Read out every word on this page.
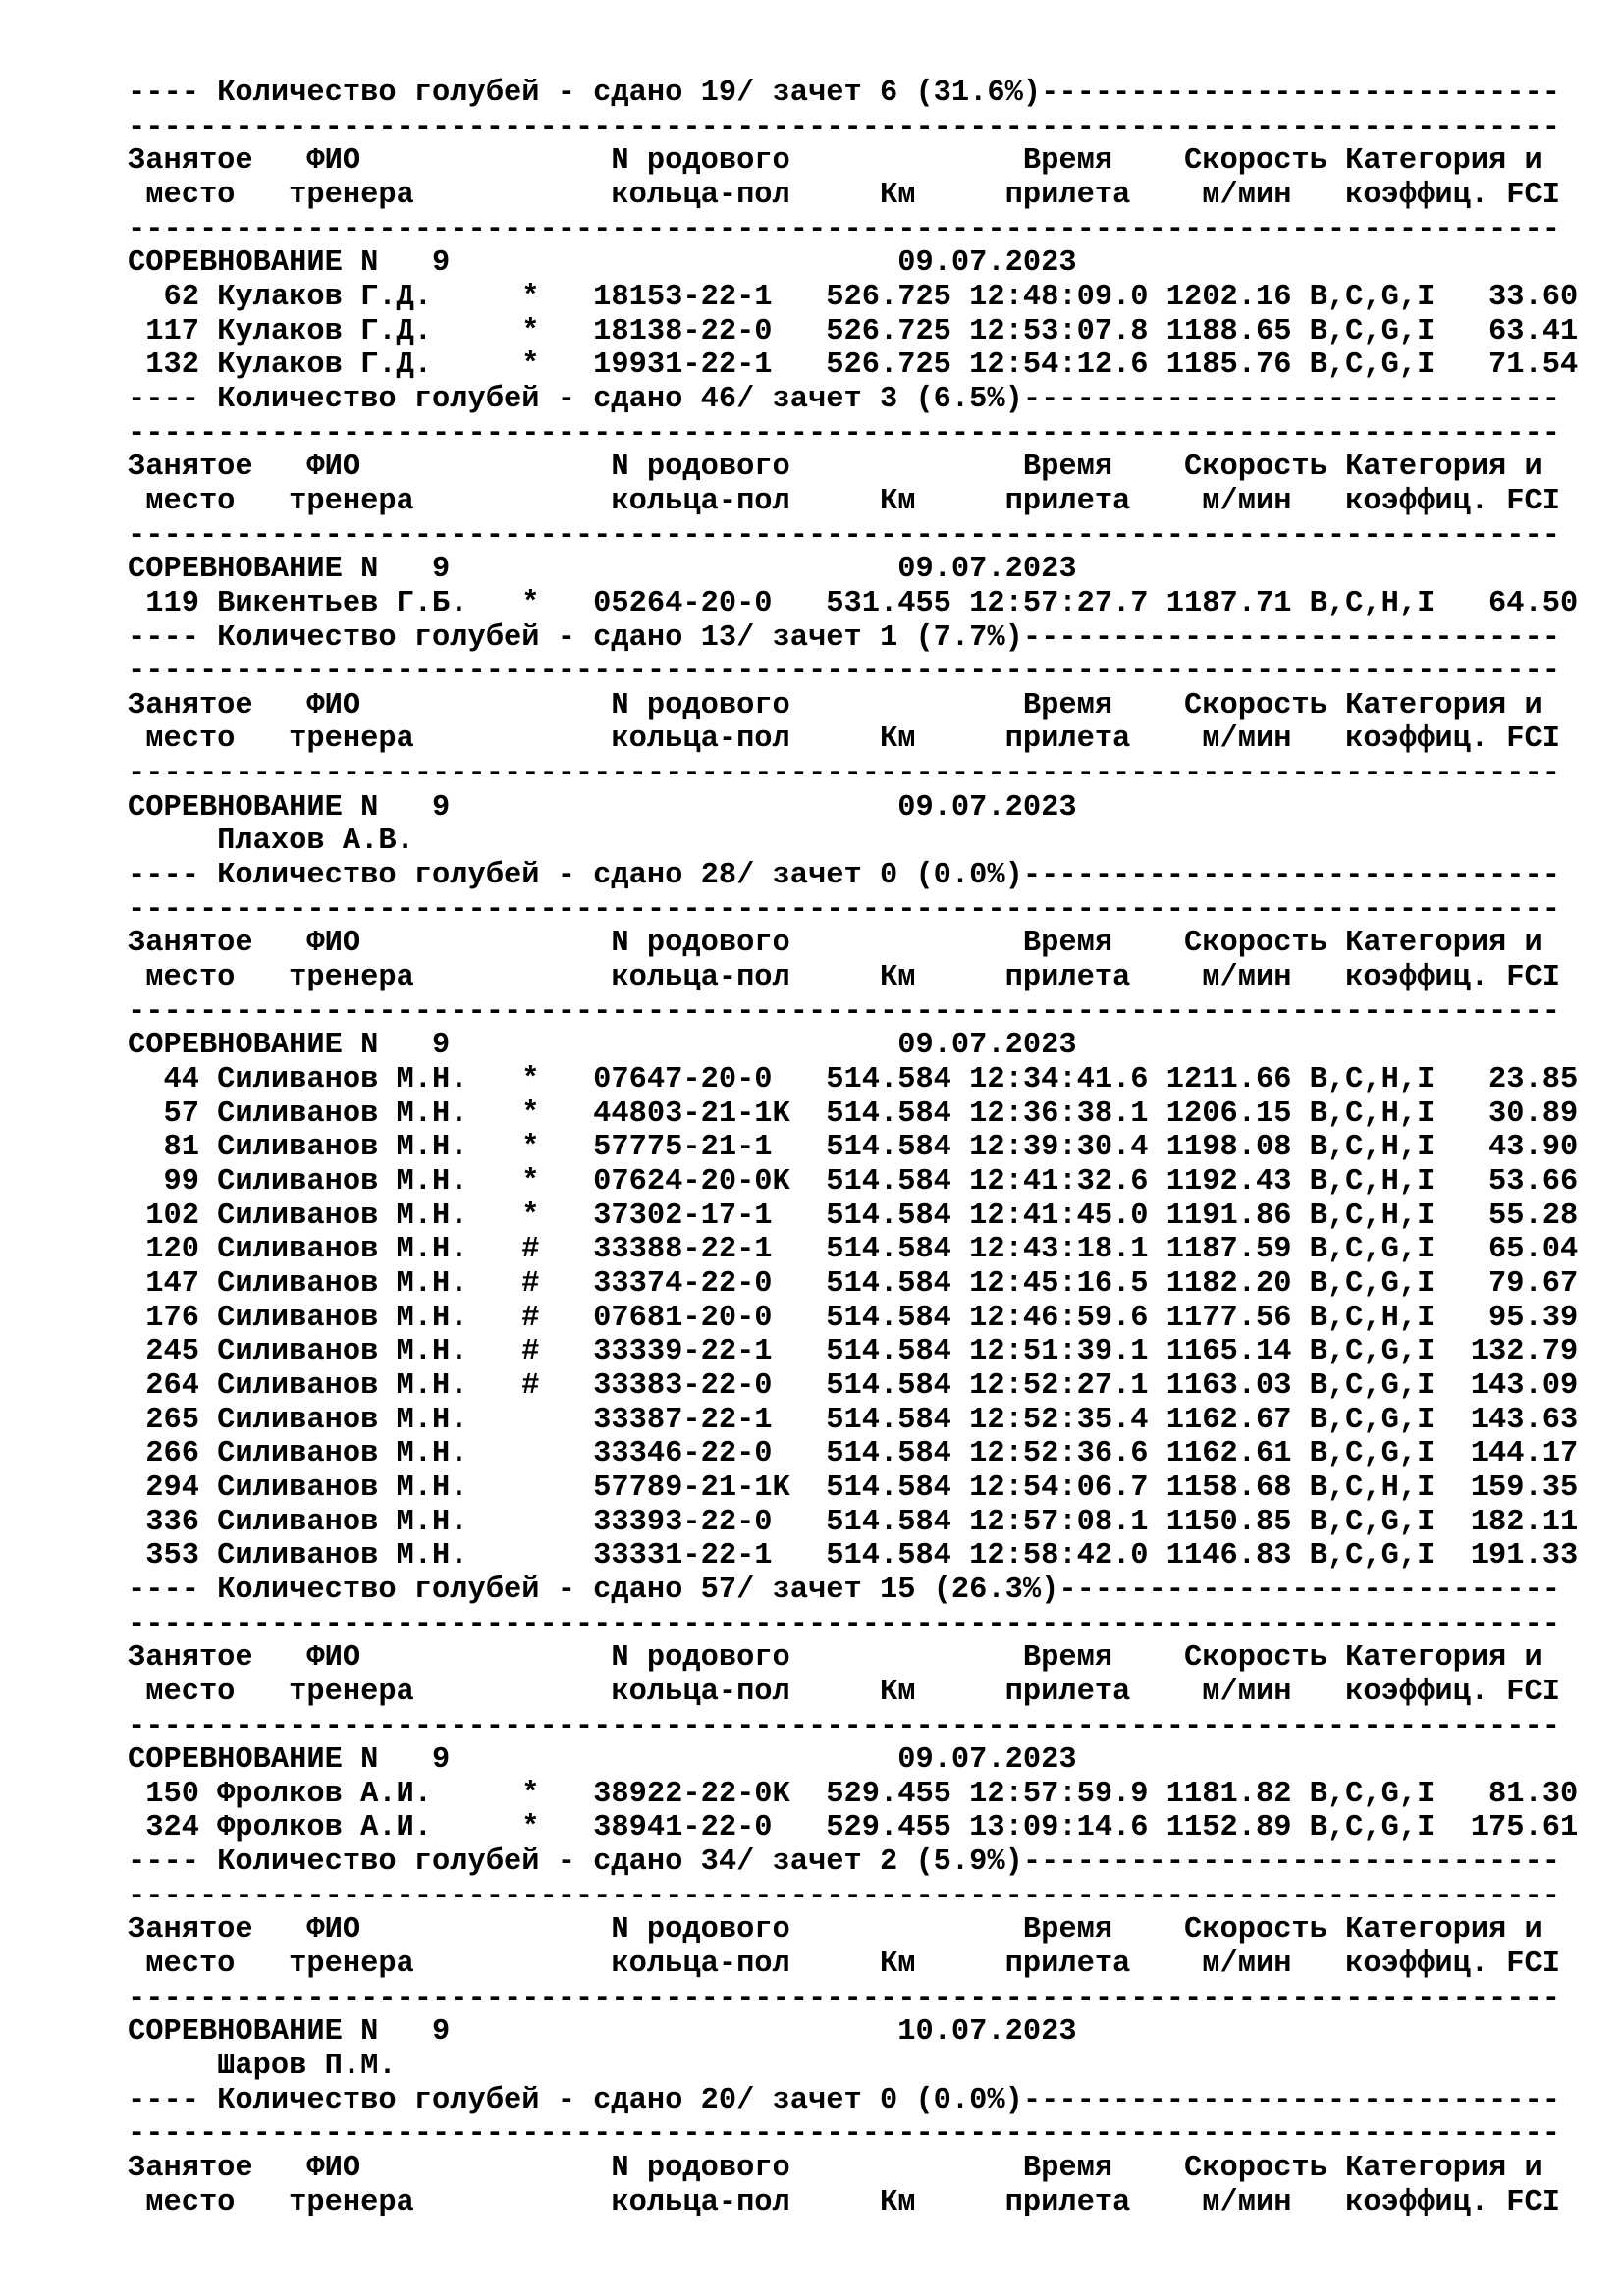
---- Количество голубей - сдано 19/ зачет 6 (31.6%)-----------------------------
--------------------------------------------------------------------------------
Занятое   ФИО              N родового             Время    Скорость Категория и
место   тренера           кольца-пол     Км     прилета    м/мин   коэффиц. FCI
--------------------------------------------------------------------------------
СОРЕВНОВАНИЕ N   9                         09.07.2023
62 Кулаков Г.Д.     *   18153-22-1   526.725 12:48:09.0 1202.16 B,C,G,I   33.60
117 Кулаков Г.Д.     *   18138-22-0   526.725 12:53:07.8 1188.65 B,C,G,I   63.41
132 Кулаков Г.Д.     *   19931-22-1   526.725 12:54:12.6 1185.76 B,C,G,I   71.54
---- Количество голубей - сдано 46/ зачет 3 (6.5%)------------------------------
--------------------------------------------------------------------------------
Занятое   ФИО              N родового             Время    Скорость Категория и
место   тренера           кольца-пол     Км     прилета    м/мин   коэффиц. FCI
--------------------------------------------------------------------------------
СОРЕВНОВАНИЕ N   9                         09.07.2023
119 Викентьев Г.Б.   *   05264-20-0   531.455 12:57:27.7 1187.71 B,C,H,I   64.50
---- Количество голубей - сдано 13/ зачет 1 (7.7%)------------------------------
--------------------------------------------------------------------------------
Занятое   ФИО              N родового             Время    Скорость Категория и
место   тренера           кольца-пол     Км     прилета    м/мин   коэффиц. FCI
--------------------------------------------------------------------------------
СОРЕВНОВАНИЕ N   9                         09.07.2023
Плахов А.В.
---- Количество голубей - сдано 28/ зачет 0 (0.0%)------------------------------
--------------------------------------------------------------------------------
Занятое   ФИО              N родового             Время    Скорость Категория и
место   тренера           кольца-пол     Км     прилета    м/мин   коэффиц. FCI
--------------------------------------------------------------------------------
СОРЕВНОВАНИЕ N   9                         09.07.2023
44 Силиванов М.Н.   *   07647-20-0   514.584 12:34:41.6 1211.66 B,C,H,I   23.85
57 Силиванов М.Н.   *   44803-21-1K  514.584 12:36:38.1 1206.15 B,C,H,I   30.89
81 Силиванов М.Н.   *   57775-21-1   514.584 12:39:30.4 1198.08 B,C,H,I   43.90
99 Силиванов М.Н.   *   07624-20-0K  514.584 12:41:32.6 1192.43 B,C,H,I   53.66
102 Силиванов М.Н.   *   37302-17-1   514.584 12:41:45.0 1191.86 B,C,H,I   55.28
120 Силиванов М.Н.   #   33388-22-1   514.584 12:43:18.1 1187.59 B,C,G,I   65.04
147 Силиванов М.Н.   #   33374-22-0   514.584 12:45:16.5 1182.20 B,C,G,I   79.67
176 Силиванов М.Н.   #   07681-20-0   514.584 12:46:59.6 1177.56 B,C,H,I   95.39
245 Силиванов М.Н.   #   33339-22-1   514.584 12:51:39.1 1165.14 B,C,G,I  132.79
264 Силиванов М.Н.   #   33383-22-0   514.584 12:52:27.1 1163.03 B,C,G,I  143.09
265 Силиванов М.Н.       33387-22-1   514.584 12:52:35.4 1162.67 B,C,G,I  143.63
266 Силиванов М.Н.       33346-22-0   514.584 12:52:36.6 1162.61 B,C,G,I  144.17
294 Силиванов М.Н.       57789-21-1K  514.584 12:54:06.7 1158.68 B,C,H,I  159.35
336 Силиванов М.Н.       33393-22-0   514.584 12:57:08.1 1150.85 B,C,G,I  182.11
353 Силиванов М.Н.       33331-22-1   514.584 12:58:42.0 1146.83 B,C,G,I  191.33
---- Количество голубей - сдано 57/ зачет 15 (26.3%)----------------------------
--------------------------------------------------------------------------------
Занятое   ФИО              N родового             Время    Скорость Категория и
место   тренера           кольца-пол     Км     прилета    м/мин   коэффиц. FCI
--------------------------------------------------------------------------------
СОРЕВНОВАНИЕ N   9                         09.07.2023
150 Фролков А.И.     *   38922-22-0K  529.455 12:57:59.9 1181.82 B,C,G,I   81.30
324 Фролков А.И.     *   38941-22-0   529.455 13:09:14.6 1152.89 B,C,G,I  175.61
---- Количество голубей - сдано 34/ зачет 2 (5.9%)------------------------------
--------------------------------------------------------------------------------
Занятое   ФИО              N родового             Время    Скорость Категория и
место   тренера           кольца-пол     Км     прилета    м/мин   коэффиц. FCI
--------------------------------------------------------------------------------
СОРЕВНОВАНИЕ N   9                         10.07.2023
Шаров П.М.
---- Количество голубей - сдано 20/ зачет 0 (0.0%)------------------------------
--------------------------------------------------------------------------------
Занятое   ФИО              N родового             Время    Скорость Категория и
место   тренера           кольца-пол     Км     прилета    м/мин   коэффиц. FCI
